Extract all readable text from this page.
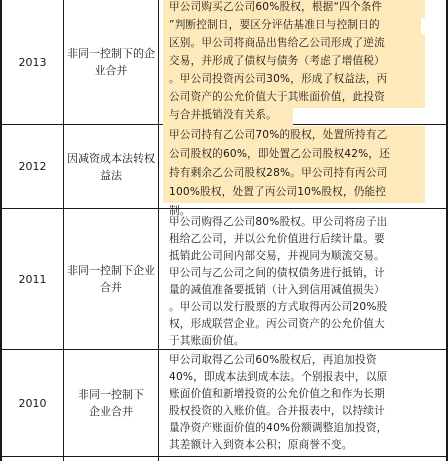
2013
非同一控制下的企
业合并
甲公司购买乙公司60%股权，根据“四个条件
”判断控制日，要区分评估基准日与控制日的
区别。甲公司将商品出售给乙公司形成了逆流
交易，并形成了债权与债务（考虑了增值税）
。甲公司投资丙公司30%，形成了权益法，丙
公司资产的公允价值大于其账面价值，此投资
与合并抵销没有关系。
2012
因减资成本法转权
益法
甲公司持有乙公司70%的股权，处置所持有乙
公司股权的60%，即处置乙公司股权42%，还
持有剩余乙公司股权28%。甲公司持有丙公司
100%股权，处置了丙公司10%股权，仍能控
制。
2011
非同一控制下企业
合并
甲公司购得乙公司80%股权。甲公司将房子出
租给乙公司，并以公允价值进行后续计量。要
抵销此公司间内部交易，并视同为顺流交易。
甲公司与乙公司之间的债权债务进行抵销，计
量的减值准备要抵销（计入到信用减值损失）
。甲公司以发行股票的方式取得丙公司20%股
权，形成联营企业。丙公司资产的公允价值大
于其账面价值。
2010
非同一控制下
企业合并
甲公司取得乙公司60%股权后，再追加投资
40%，即成本法到成本法。个别报表中，以原
账面价值和新增投资的公允价值之和作为长期
股权投资的入账价值。合并报表中，以持续计
量净资产账面价值的40%份额调整追加投资，
其差额计入到资本公积；原商誉不变。
